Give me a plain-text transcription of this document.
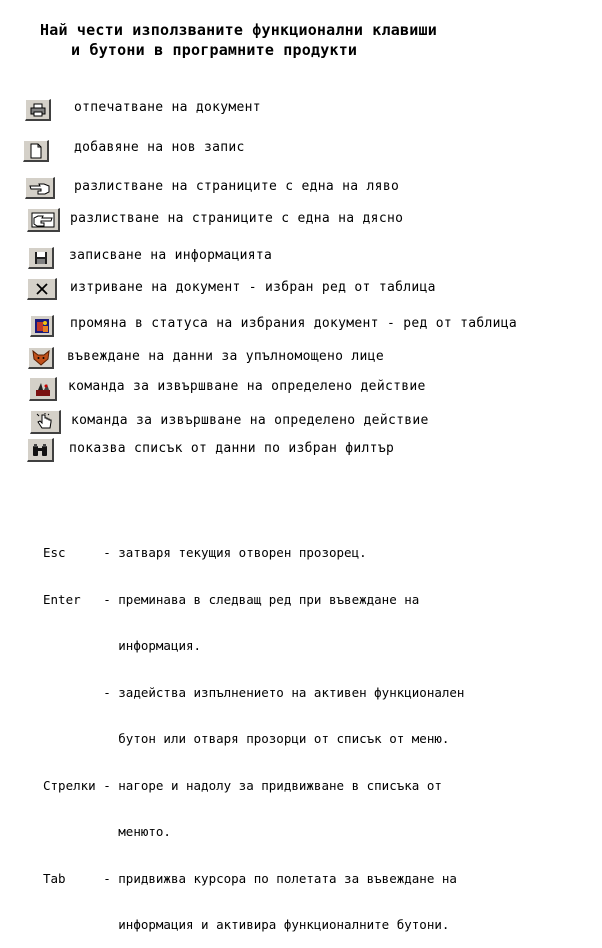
Най чести използваните функционални клавиши
и бутони в програмните продукти
отпечатване на документ
добавяне на нов запис
разлистване на страниците с една на ляво
разлистване на страниците с една на дясно
записване на информацията
изтриване на документ - избран ред от таблица
промяна в статуса на избрания документ - ред от таблица
въвеждане на данни за упълномощено лице
команда за извършване на определено действие
команда за извършване на определено действие
показва списък от данни по избран филтър

Esc     - затваря текущия отворен прозорец.

Enter   - преминава в следващ ред при въвеждане на

информация.

- задейства изпълнението на активен функционален

бутон или отваря прозорци от списък от меню.

Стрелки - нагоре и надолу за придвижване в списъка от

менюто.

Tab     - придвижва курсора по полетата за въвеждане на

информация и активира функционалните бутони.
